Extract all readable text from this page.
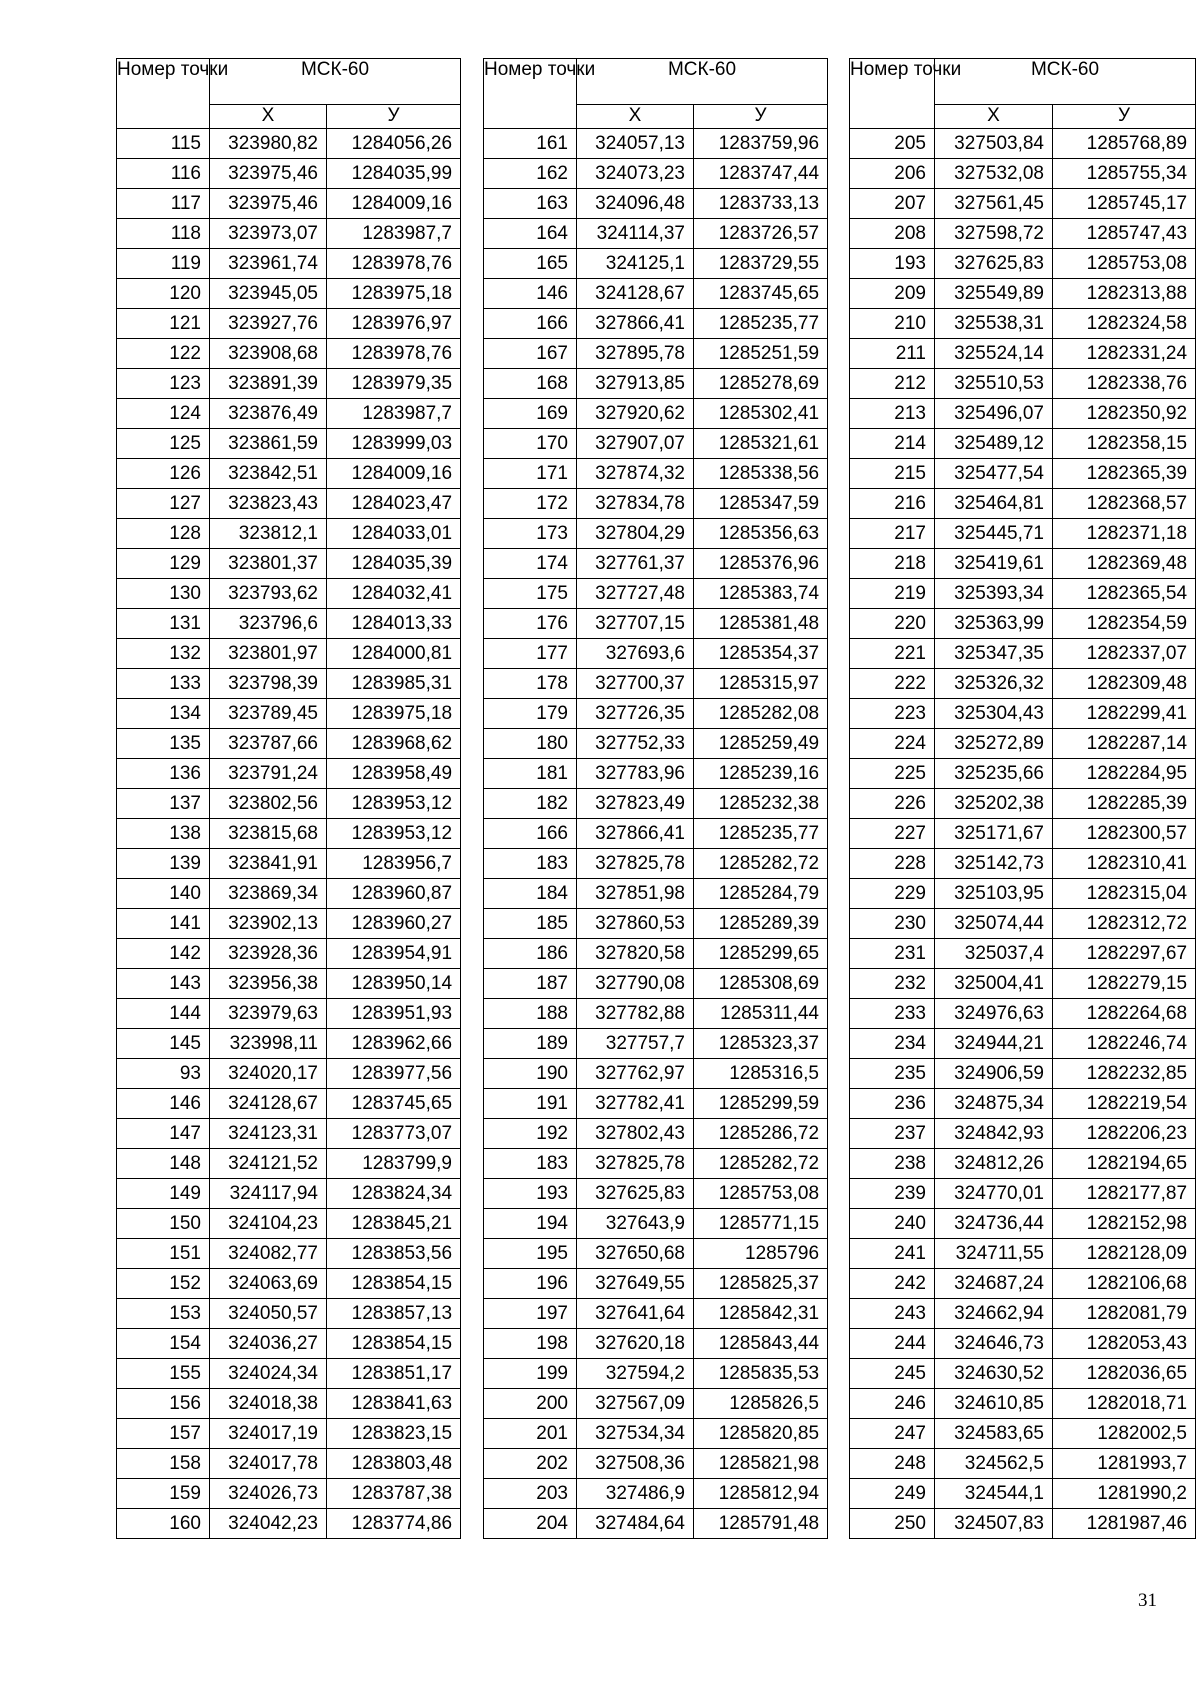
Номер точки	МСК-60	
	Х	У
115	323980,82	1284056,26
116	323975,46	1284035,99
117	323975,46	1284009,16
118	323973,07	1283987,7
119	323961,74	1283978,76
120	323945,05	1283975,18
121	323927,76	1283976,97
122	323908,68	1283978,76
123	323891,39	1283979,35
124	323876,49	1283987,7
125	323861,59	1283999,03
126	323842,51	1284009,16
127	323823,43	1284023,47
128	323812,1	1284033,01
129	323801,37	1284035,39
130	323793,62	1284032,41
131	323796,6	1284013,33
132	323801,97	1284000,81
133	323798,39	1283985,31
134	323789,45	1283975,18
135	323787,66	1283968,62
136	323791,24	1283958,49
137	323802,56	1283953,12
138	323815,68	1283953,12
139	323841,91	1283956,7
140	323869,34	1283960,87
141	323902,13	1283960,27
142	323928,36	1283954,91
143	323956,38	1283950,14
144	323979,63	1283951,93
145	323998,11	1283962,66
93	324020,17	1283977,56
146	324128,67	1283745,65
147	324123,31	1283773,07
148	324121,52	1283799,9
149	324117,94	1283824,34
150	324104,23	1283845,21
151	324082,77	1283853,56
152	324063,69	1283854,15
153	324050,57	1283857,13
154	324036,27	1283854,15
155	324024,34	1283851,17
156	324018,38	1283841,63
157	324017,19	1283823,15
158	324017,78	1283803,48
159	324026,73	1283787,38
160	324042,23	1283774,86
Номер точки	МСК-60	
	Х	У
161	324057,13	1283759,96
162	324073,23	1283747,44
163	324096,48	1283733,13
164	324114,37	1283726,57
165	324125,1	1283729,55
146	324128,67	1283745,65
166	327866,41	1285235,77
167	327895,78	1285251,59
168	327913,85	1285278,69
169	327920,62	1285302,41
170	327907,07	1285321,61
171	327874,32	1285338,56
172	327834,78	1285347,59
173	327804,29	1285356,63
174	327761,37	1285376,96
175	327727,48	1285383,74
176	327707,15	1285381,48
177	327693,6	1285354,37
178	327700,37	1285315,97
179	327726,35	1285282,08
180	327752,33	1285259,49
181	327783,96	1285239,16
182	327823,49	1285232,38
166	327866,41	1285235,77
183	327825,78	1285282,72
184	327851,98	1285284,79
185	327860,53	1285289,39
186	327820,58	1285299,65
187	327790,08	1285308,69
188	327782,88	1285311,44
189	327757,7	1285323,37
190	327762,97	1285316,5
191	327782,41	1285299,59
192	327802,43	1285286,72
183	327825,78	1285282,72
193	327625,83	1285753,08
194	327643,9	1285771,15
195	327650,68	1285796
196	327649,55	1285825,37
197	327641,64	1285842,31
198	327620,18	1285843,44
199	327594,2	1285835,53
200	327567,09	1285826,5
201	327534,34	1285820,85
202	327508,36	1285821,98
203	327486,9	1285812,94
204	327484,64	1285791,48
Номер точки	МСК-60	
	Х	У
205	327503,84	1285768,89
206	327532,08	1285755,34
207	327561,45	1285745,17
208	327598,72	1285747,43
193	327625,83	1285753,08
209	325549,89	1282313,88
210	325538,31	1282324,58
211	325524,14	1282331,24
212	325510,53	1282338,76
213	325496,07	1282350,92
214	325489,12	1282358,15
215	325477,54	1282365,39
216	325464,81	1282368,57
217	325445,71	1282371,18
218	325419,61	1282369,48
219	325393,34	1282365,54
220	325363,99	1282354,59
221	325347,35	1282337,07
222	325326,32	1282309,48
223	325304,43	1282299,41
224	325272,89	1282287,14
225	325235,66	1282284,95
226	325202,38	1282285,39
227	325171,67	1282300,57
228	325142,73	1282310,41
229	325103,95	1282315,04
230	325074,44	1282312,72
231	325037,4	1282297,67
232	325004,41	1282279,15
233	324976,63	1282264,68
234	324944,21	1282246,74
235	324906,59	1282232,85
236	324875,34	1282219,54
237	324842,93	1282206,23
238	324812,26	1282194,65
239	324770,01	1282177,87
240	324736,44	1282152,98
241	324711,55	1282128,09
242	324687,24	1282106,68
243	324662,94	1282081,79
244	324646,73	1282053,43
245	324630,52	1282036,65
246	324610,85	1282018,71
247	324583,65	1282002,5
248	324562,5	1281993,7
249	324544,1	1281990,2
250	324507,83	1281987,46
31
